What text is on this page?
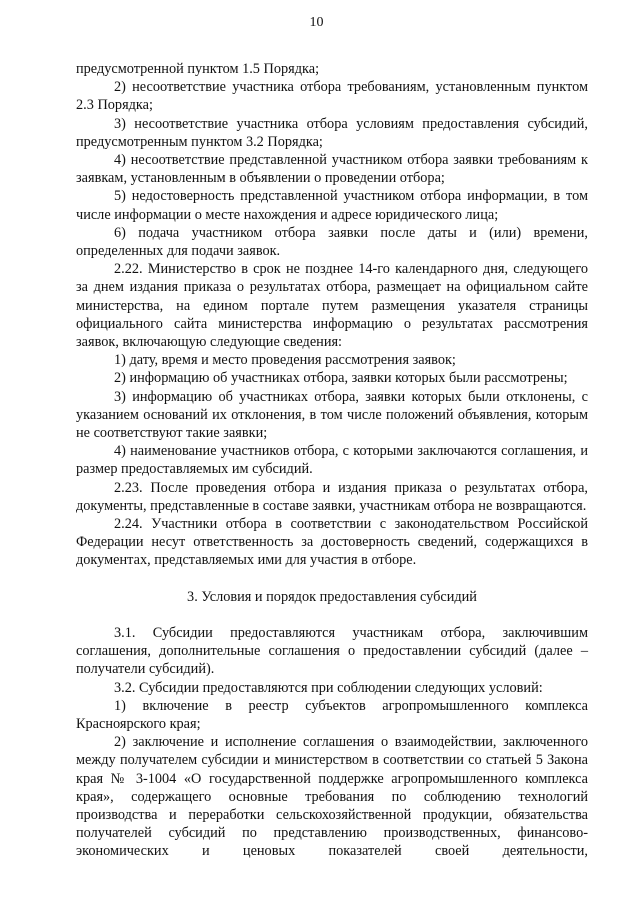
10

предусмотренной пунктом 1.5 Порядка;

2) несоответствие участника отбора требованиям, установленным пунктом 2.3 Порядка;

3) несоответствие участника отбора условиям предоставления субсидий, предусмотренным пунктом 3.2 Порядка;

4) несоответствие представленной участником отбора заявки требованиям к заявкам, установленным в объявлении о проведении отбора;

5) недостоверность представленной участником отбора информации, в том числе информации о месте нахождения и адресе юридического лица;

6) подача участником отбора заявки после даты и (или) времени, определенных для подачи заявок.

2.22. Министерство в срок не позднее 14-го календарного дня, следующего за днем издания приказа о результатах отбора, размещает на официальном сайте министерства, на едином портале путем размещения указателя страницы официального сайта министерства информацию о результатах рассмотрения заявок, включающую следующие сведения:

1) дату, время и место проведения рассмотрения заявок;

2) информацию об участниках отбора, заявки которых были рассмотрены;

3) информацию об участниках отбора, заявки которых были отклонены, с указанием оснований их отклонения, в том числе положений объявления, которым не соответствуют такие заявки;

4) наименование участников отбора, с которыми заключаются соглашения, и размер предоставляемых им субсидий.

2.23. После проведения отбора и издания приказа о результатах отбора, документы, представленные в составе заявки, участникам отбора не возвращаются.

2.24. Участники отбора в соответствии с законодательством Российской Федерации несут ответственность за достоверность сведений, содержащихся в документах, представляемых ими для участия в отборе.

3. Условия и порядок предоставления субсидий

3.1. Субсидии предоставляются участникам отбора, заключившим соглашения, дополнительные соглашения о предоставлении субсидий (далее – получатели субсидий).

3.2. Субсидии предоставляются при соблюдении следующих условий:

1) включение в реестр субъектов агропромышленного комплекса Красноярского края;

2) заключение и исполнение соглашения о взаимодействии, заключенного между получателем субсидии и министерством в соответствии со статьей 5 Закона края № 3-1004 «О государственной поддержке агропромышленного комплекса края», содержащего основные требования по соблюдению технологий производства и переработки сельскохозяйственной продукции, обязательства получателей субсидий по представлению производственных, финансово-экономических и ценовых показателей своей деятельности,
